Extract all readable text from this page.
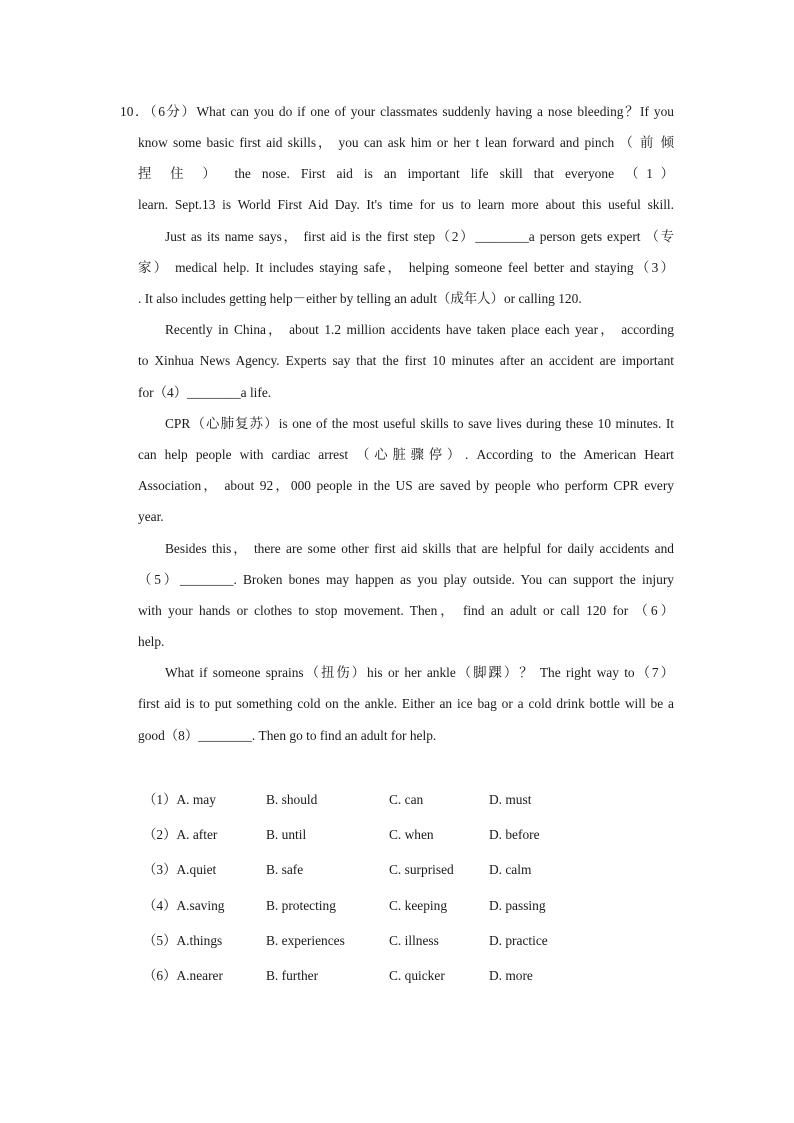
10．（6分）What can you do if one of your classmates suddenly having a nose bleeding？If you
know some basic first aid skills， you can ask him or her t lean forward and pinch （ 前 倾
捏 住 ） the nose. First aid is an important life skill that everyone （1）
learn. Sept.13 is World First Aid Day. It's time for us to learn more about this useful skill.
Just as its name says， first aid is the first step（2）________a person gets expert （专
家） medical help. It includes staying safe， helping someone feel better and staying（3）
. It also includes getting help－either by telling an adult（成年人）or calling 120.
Recently in China， about 1.2 million accidents have taken place each year， according
to Xinhua News Agency. Experts say that the first 10 minutes after an accident are important
for（4）________a life.
CPR（心肺复苏）is one of the most useful skills to save lives during these 10 minutes. It
can help people with cardiac arrest （心脏骤停）. According to the American Heart
Association， about 92，000 people in the US are saved by people who perform CPR every
year.
Besides this， there are some other first aid skills that are helpful for daily accidents and
（5）________. Broken bones may happen as you play outside. You can support the injury
with your hands or clothes to stop movement. Then， find an adult or call 120 for （6）
help.
What if someone sprains（扭伤）his or her ankle（脚踝）？ The right way to（7）
first aid is to put something cold on the ankle. Either an ice bag or a cold drink bottle will be a
good（8）________. Then go to find an adult for help.
（1）A. may	B. should	C. can	D. must
（2）A. after	B. until	C. when	D. before
（3）A.quiet	B. safe	C. surprised	D. calm
（4）A.saving	B. protecting	C. keeping	D. passing
（5）A.things	B. experiences	C. illness	D. practice
（6）A.nearer	B. further	C. quicker	D. more
